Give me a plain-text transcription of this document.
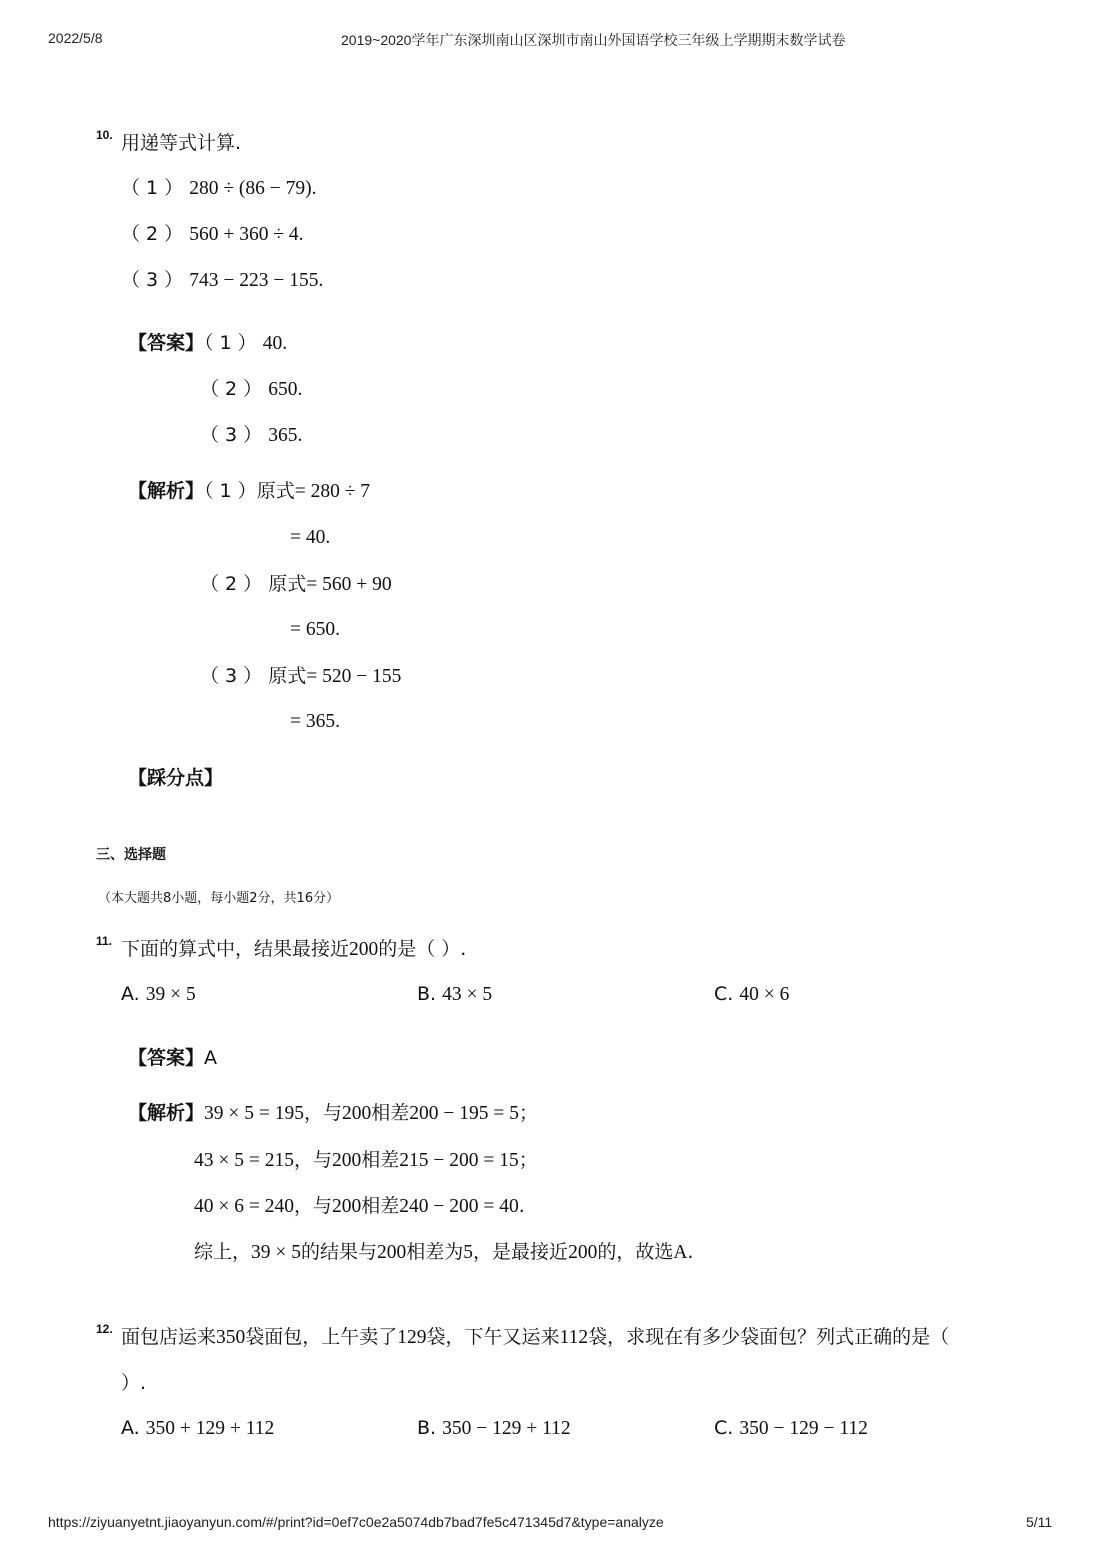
2022/5/8	2019~2020学年广东深圳南山区深圳市南山外国语学校三年级上学期期末数学试卷
10. 用递等式计算.
（ 1 ） 280 ÷ (86 − 79).
（ 2 ） 560 + 360 ÷ 4.
（ 3 ） 743 − 223 − 155.
【答案】（ 1 ） 40.
（ 2 ） 650.
（ 3 ） 365.
【解析】（ 1 ）原式= 280 ÷ 7
= 40.
（ 2 ） 原式= 560 + 90
= 650.
（ 3 ） 原式= 520 − 155
= 365.
【踩分点】
三、选择题
（本大题共8小题，每小题2分，共16分）
11. 下面的算式中，结果最接近200的是（ ）.
A. 39 × 5	B. 43 × 5	C. 40 × 6
【答案】A
【解析】39 × 5 = 195，与200相差200 − 195 = 5；
43 × 5 = 215，与200相差215 − 200 = 15；
40 × 6 = 240，与200相差240 − 200 = 40.
综上，39 × 5的结果与200相差为5，是最接近200的，故选A.
12. 面包店运来350袋面包，上午卖了129袋，下午又运来112袋，求现在有多少袋面包？列式正确的是（
）.
A. 350 + 129 + 112	B. 350 − 129 + 112	C. 350 − 129 − 112
https://ziyuanyetnt.jiaoyanyun.com/#/print?id=0ef7c0e2a5074db7bad7fe5c471345d7&type=analyze	5/11
